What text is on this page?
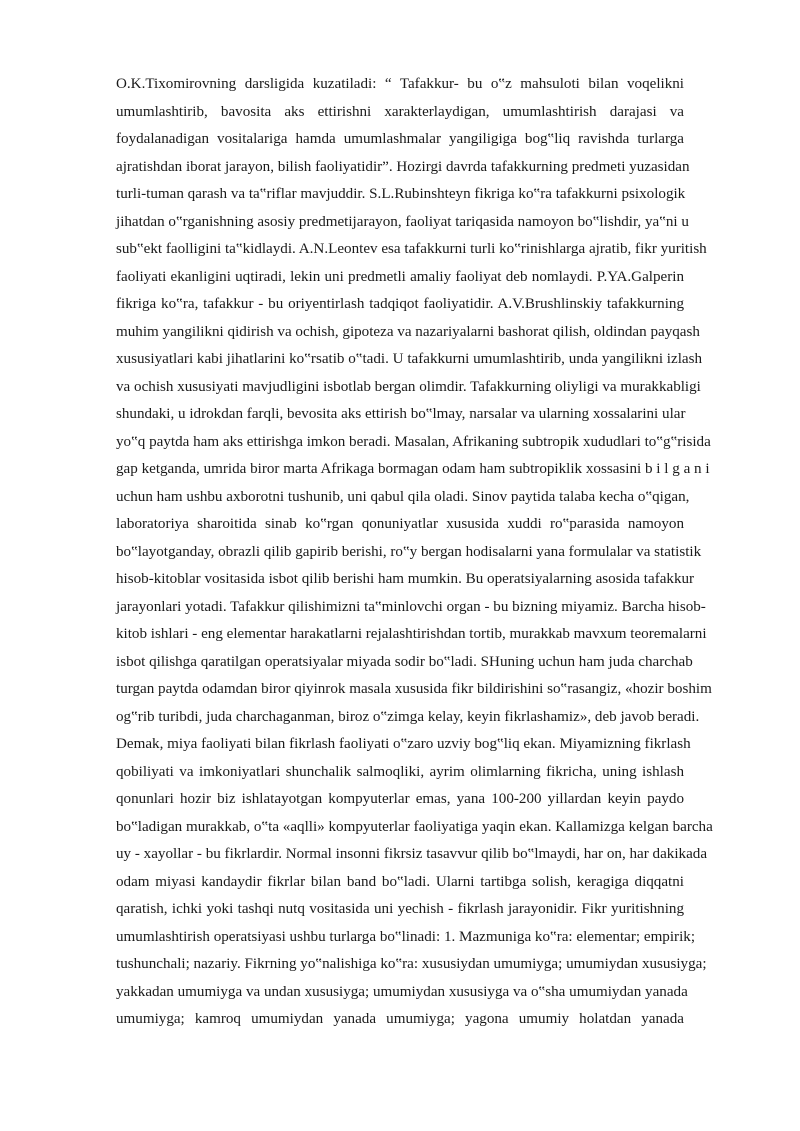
O.K.Tixomirovning darsligida kuzatiladi: “ Tafakkur- bu o‟z mahsuloti bilan voqelikni
umumlashtirib, bavosita aks ettirishni xarakterlaydigan, umumlashtirish darajasi va
foydalanadigan vositalariga hamda umumlashmalar yangiligiga bog‟liq ravishda turlarga
ajratishdan iborat jarayon, bilish faoliyatidir”. Hozirgi davrda tafakkurning predmeti yuzasidan
turli-tuman qarash va ta‟riflar mavjuddir. S.L.Rubinshteyn fikriga ko‟ra tafakkurni psixologik
jihatdan o‟rganishning asosiy predmetijarayon, faoliyat tariqasida namoyon bo‟lishdir, ya‟ni u
sub‟ekt faolligini ta‟kidlaydi. A.N.Leontev esa tafakkurni turli ko‟rinishlarga ajratib, fikr yuritish
faoliyati ekanligini uqtiradi, lekin uni predmetli amaliy faoliyat deb nomlaydi. P.YA.Galperin
fikriga ko‟ra, tafakkur - bu oriyentirlash tadqiqot faoliyatidir. A.V.Brushlinskiy tafakkurning
muhim yangilikni qidirish va ochish, gipoteza va nazariyalarni bashorat qilish, oldindan payqash
xususiyatlari kabi jihatlarini ko‟rsatib o‟tadi. U tafakkurni umumlashtirib, unda yangilikni izlash
va ochish xususiyati mavjudligini isbotlab bergan olimdir. Tafakkurning oliyligi va murakkabligi
shundaki, u idrokdan farqli, bevosita aks ettirish bo‟lmay, narsalar va ularning xossalarini ular
yo‟q paytda ham aks ettirishga imkon beradi. Masalan, Afrikaning subtropik xududlari to‟g‟risida
gap ketganda, umrida biror marta Afrikaga bormagan odam ham subtropiklik xossasini b i l g a n i
uchun ham ushbu axborotni tushunib, uni qabul qila oladi. Sinov paytida talaba kecha o‟qigan,
laboratoriya sharoitida sinab ko‟rgan qonuniyatlar xususida xuddi ro‟parasida namoyon
bo‟layotganday, obrazli qilib gapirib berishi, ro‟y bergan hodisalarni yana formulalar va statistik
hisob-kitoblar vositasida isbot qilib berishi ham mumkin. Bu operatsiyalarning asosida tafakkur
jarayonlari yotadi. Tafakkur qilishimizni ta‟minlovchi organ - bu bizning miyamiz. Barcha hisob-
kitob ishlari - eng elementar harakatlarni rejalashtirishdan tortib, murakkab mavxum teoremalarni
isbot qilishga qaratilgan operatsiyalar miyada sodir bo‟ladi. SHuning uchun ham juda charchab
turgan paytda odamdan biror qiyinrok masala xususida fikr bildirishini so‟rasangiz, «hozir boshim
og‟rib turibdi, juda charchaganman, biroz o‟zimga kelay, keyin fikrlashamiz», deb javob beradi.
Demak, miya faoliyati bilan fikrlash faoliyati o‟zaro uzviy bog‟liq ekan. Miyamizning fikrlash
qobiliyati va imkoniyatlari shunchalik salmoqliki, ayrim olimlarning fikricha, uning ishlash
qonunlari hozir biz ishlatayotgan kompyuterlar emas, yana 100-200 yillardan keyin paydo
bo‟ladigan murakkab, o‟ta «aqlli» kompyuterlar faoliyatiga yaqin ekan. Kallamizga kelgan barcha
uy - xayollar - bu fikrlardir. Normal insonni fikrsiz tasavvur qilib bo‟lmaydi, har on, har dakikada
odam miyasi kandaydir fikrlar bilan band bo‟ladi. Ularni tartibga solish, keragiga diqqatni
qaratish, ichki yoki tashqi nutq vositasida uni yechish - fikrlash jarayonidir. Fikr yuritishning
umumlashtirish operatsiyasi ushbu turlarga bo‟linadi: 1. Mazmuniga ko‟ra: elementar; empirik;
tushunchali; nazariy. Fikrning yo‟nalishiga ko‟ra: xususiydan umumiyga; umumiydan xususiyga;
yakkadan umumiyga va undan xususiyga; umumiydan xususiyga va o‟sha umumiydan yanada
umumiyga; kamroq umumiydan yanada umumiyga; yagona umumiy holatdan yanada
